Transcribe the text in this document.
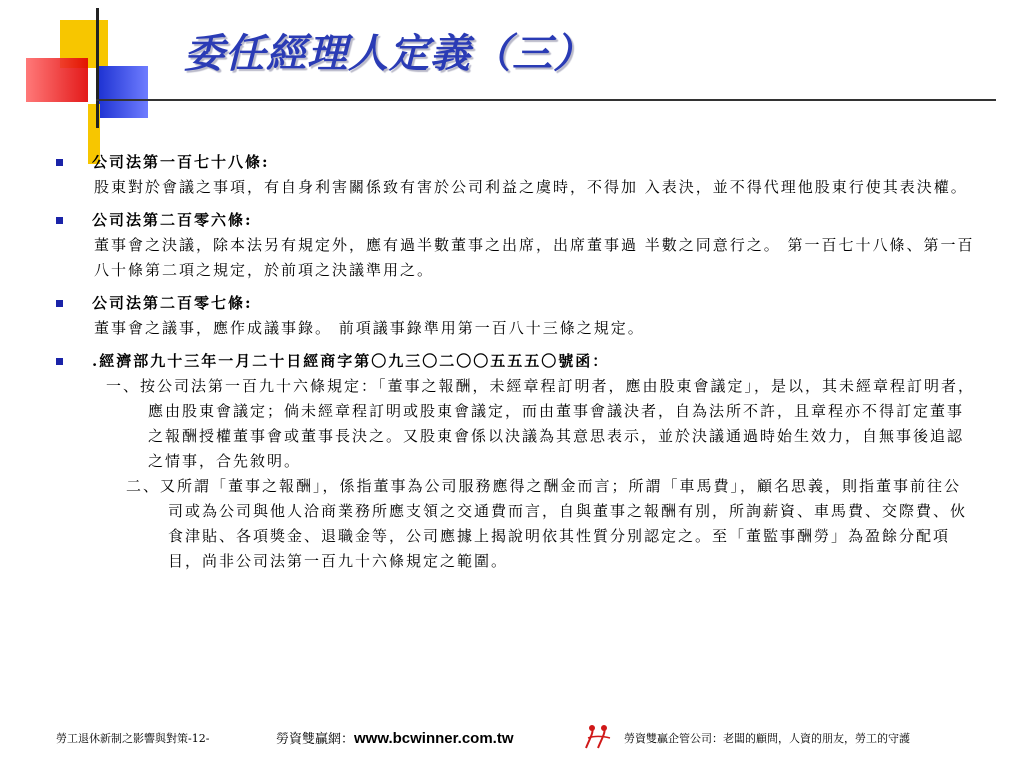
委任經理人定義（三）
公司法第一百七十八條:
股東對於會議之事項，有自身利害關係致有害於公司利益之虞時，不得加 入表決，並不得代理他股東行使其表決權。
公司法第二百零六條:
董事會之決議，除本法另有規定外，應有過半數董事之出席，出席董事過 半數之同意行之。 第一百七十八條、第一百八十條第二項之規定，於前項之決議準用之。
公司法第二百零七條:
董事會之議事，應作成議事錄。 前項議事錄準用第一百八十三條之規定。
.經濟部九十三年一月二十日經商字第〇九三〇二〇〇五五五〇號函：
一、按公司法第一百九十六條規定：「董事之報酬，未經章程訂明者，應由股東會議定」，是以，其未經章程訂明者，應由股東會議定；倘未經章程訂明或股東會議定，而由董事會議決者，自為法所不許，且章程亦不得訂定董事之報酬授權董事會或董事長決之。又股東會係以決議為其意思表示，並於決議通過時始生效力，自無事後追認之情事，合先敘明。
二、又所謂「董事之報酬」，係指董事為公司服務應得之酬金而言；所謂「車馬費」，顧名思義，則指董事前往公司或為公司與他人洽商業務所應支領之交通費而言，自與董事之報酬有別，所詢薪資、車馬費、交際費、伙食津貼、各項獎金、退職金等，公司應據上揭說明依其性質分別認定之。至「董監事酬勞」為盈餘分配項目，尚非公司法第一百九十六條規定之範圍。
勞工退休新制之影響與對策-12-	勞資雙贏網：www.bcwinner.com.tw	勞資雙贏企管公司：老闆的顧問，人資的朋友，勞工的守護
